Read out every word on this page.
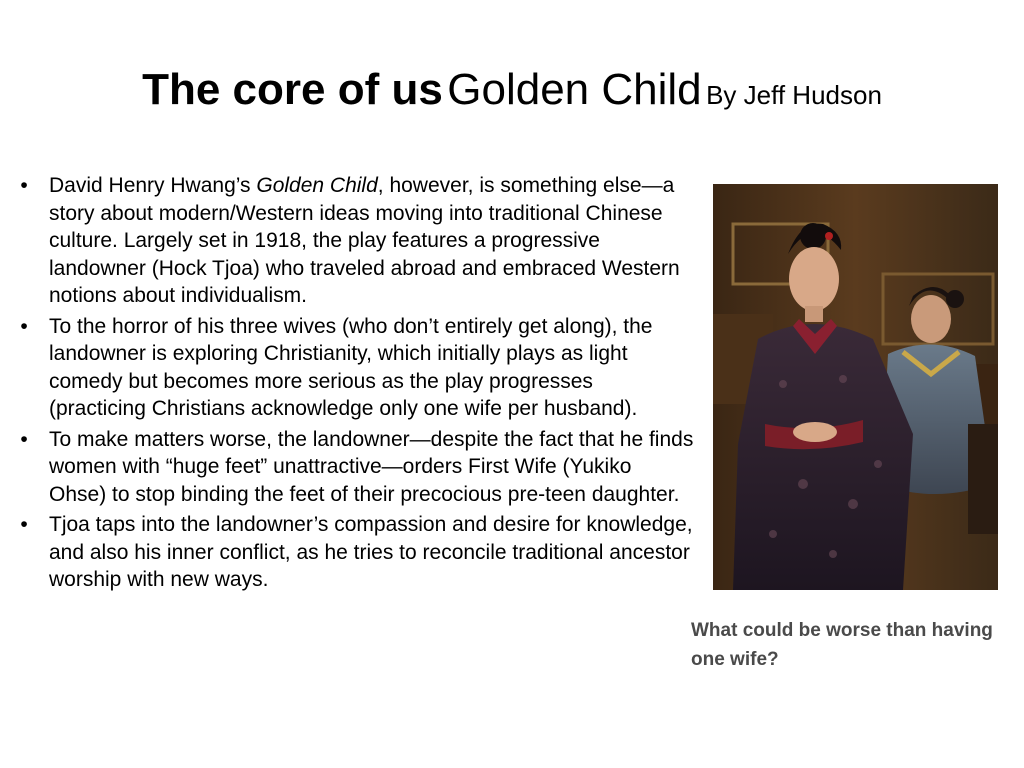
The core of us Golden Child By Jeff Hudson
•	David Henry Hwang’s Golden Child, however, is something else—a story about modern/Western ideas moving into traditional Chinese culture. Largely set in 1918, the play features a progressive landowner (Hock Tjoa) who traveled abroad and embraced Western notions about individualism.
•	To the horror of his three wives (who don’t entirely get along), the landowner is exploring Christianity, which initially plays as light comedy but becomes more serious as the play progresses (practicing Christians acknowledge only one wife per husband).
•	To make matters worse, the landowner—despite the fact that he finds women with “huge feet” unattractive—orders First Wife (Yukiko Ohse) to stop binding the feet of their precocious pre-teen daughter.
•	Tjoa taps into the landowner’s compassion and desire for knowledge, and also his inner conflict, as he tries to reconcile traditional ancestor worship with new ways.
What could be worse than having one wife?
